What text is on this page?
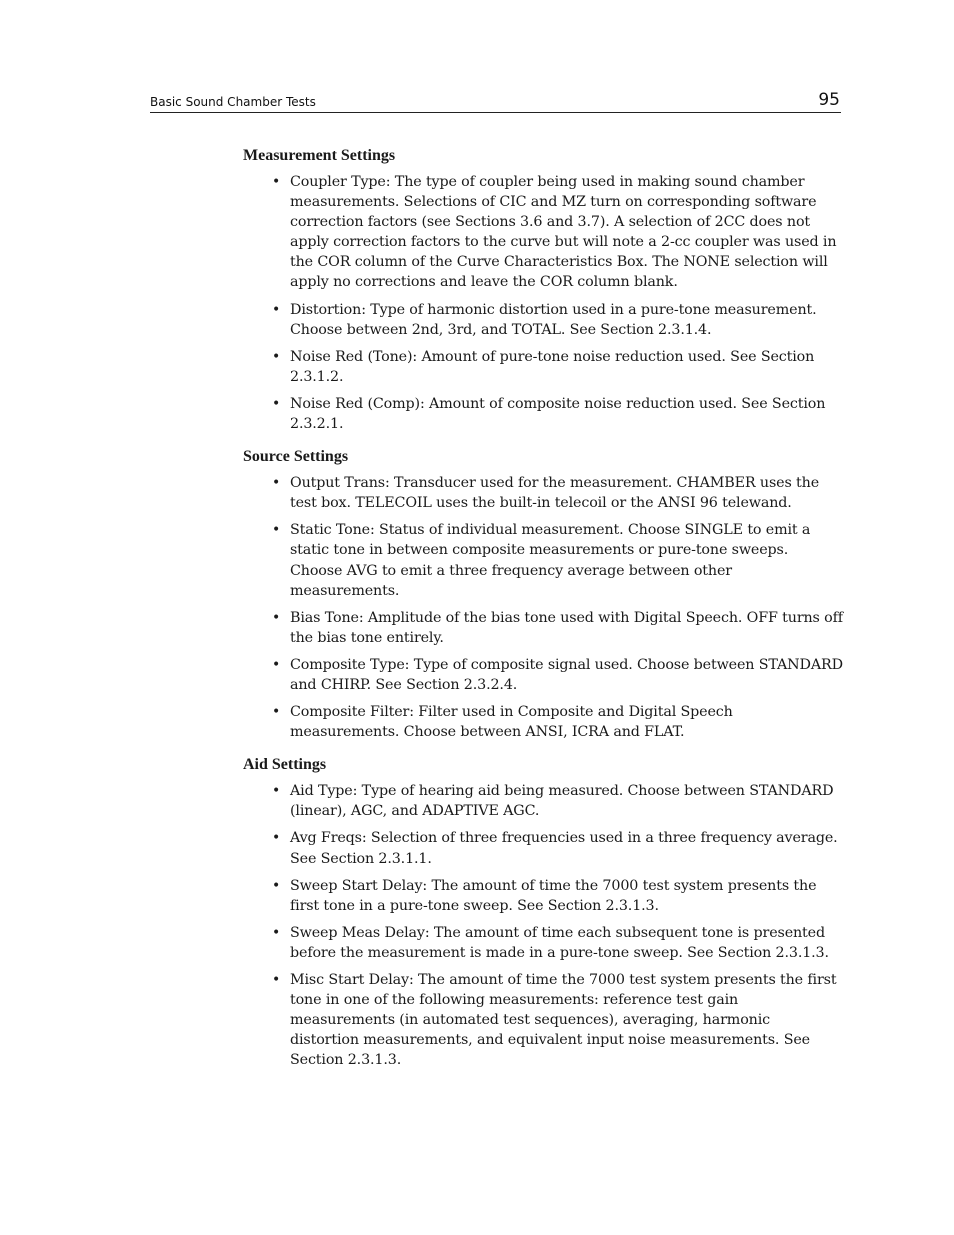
Basic Sound Chamber Tests	95
Measurement Settings
• Coupler Type: The type of coupler being used in making sound chamber measurements. Selections of CIC and MZ turn on corresponding software correction factors (see Sections 3.6 and 3.7). A selection of 2CC does not apply correction factors to the curve but will note a 2-cc coupler was used in the COR column of the Curve Characteristics Box. The NONE selection will apply no corrections and leave the COR column blank.
• Distortion: Type of harmonic distortion used in a pure-tone measurement. Choose between 2nd, 3rd, and TOTAL. See Section 2.3.1.4.
• Noise Red (Tone): Amount of pure-tone noise reduction used. See Section 2.3.1.2.
• Noise Red (Comp): Amount of composite noise reduction used. See Section 2.3.2.1.
Source Settings
• Output Trans: Transducer used for the measurement. CHAMBER uses the test box. TELECOIL uses the built-in telecoil or the ANSI 96 telewand.
• Static Tone: Status of individual measurement. Choose SINGLE to emit a static tone in between composite measurements or pure-tone sweeps. Choose AVG to emit a three frequency average between other measurements.
• Bias Tone: Amplitude of the bias tone used with Digital Speech. OFF turns off the bias tone entirely.
• Composite Type: Type of composite signal used. Choose between STANDARD and CHIRP. See Section 2.3.2.4.
• Composite Filter: Filter used in Composite and Digital Speech measurements. Choose between ANSI, ICRA and FLAT.
Aid Settings
• Aid Type: Type of hearing aid being measured. Choose between STANDARD (linear), AGC, and ADAPTIVE AGC.
• Avg Freqs: Selection of three frequencies used in a three frequency average. See Section 2.3.1.1.
• Sweep Start Delay: The amount of time the 7000 test system presents the first tone in a pure-tone sweep. See Section 2.3.1.3.
• Sweep Meas Delay: The amount of time each subsequent tone is presented before the measurement is made in a pure-tone sweep. See Section 2.3.1.3.
• Misc Start Delay: The amount of time the 7000 test system presents the first tone in one of the following measurements: reference test gain measurements (in automated test sequences), averaging, harmonic distortion measurements, and equivalent input noise measurements. See Section 2.3.1.3.
